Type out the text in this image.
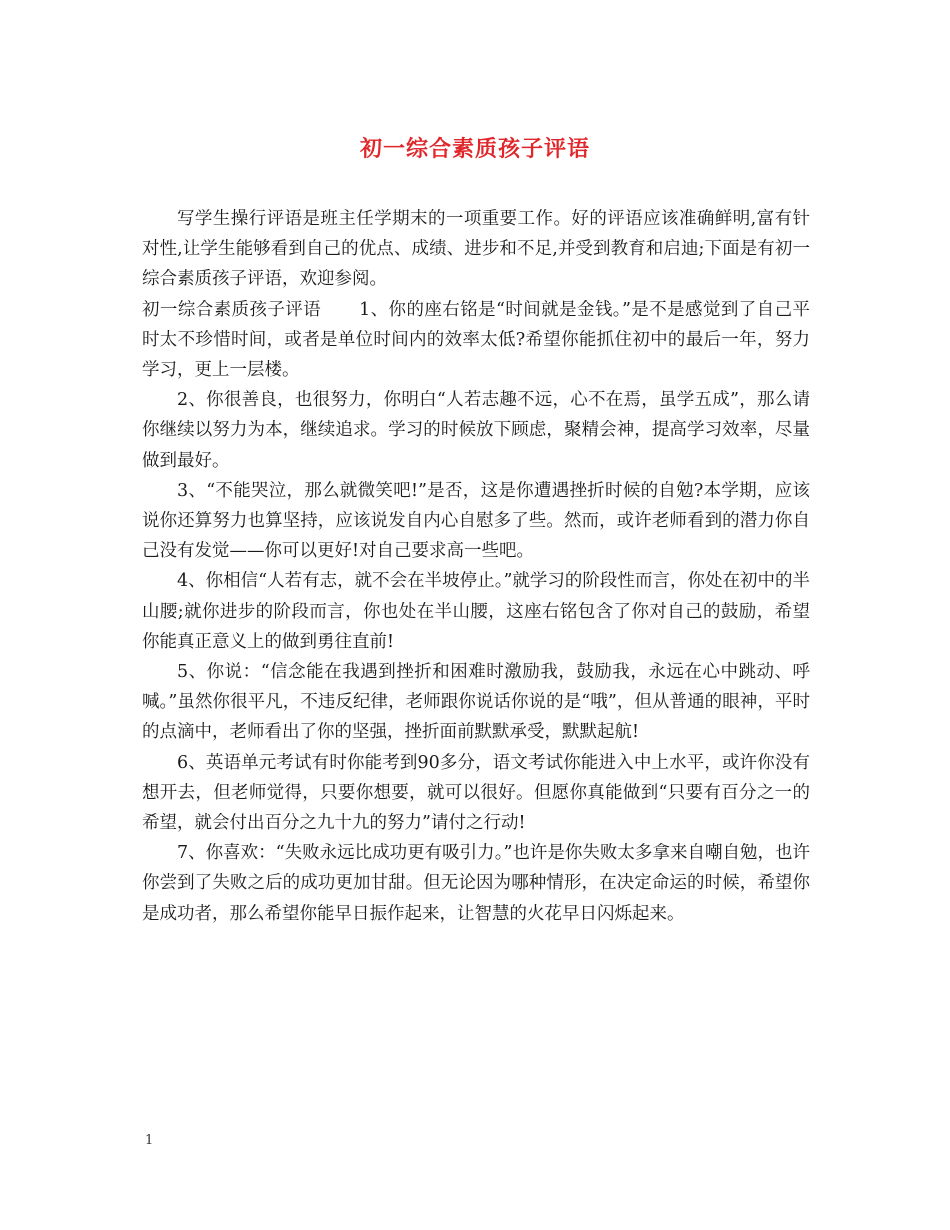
初一综合素质孩子评语

写学生操行评语是班主任学期末的一项重要工作。好的评语应该准确鲜明,富有针对性,让学生能够看到自己的优点、成绩、进步和不足,并受到教育和启迪;下面是有初一综合素质孩子评语，欢迎参阅。

初一综合素质孩子评语 1、你的座右铭是“时间就是金钱。”是不是感觉到了自己平时太不珍惜时间，或者是单位时间内的效率太低?希望你能抓住初中的最后一年，努力学习，更上一层楼。

2、你很善良，也很努力，你明白“人若志趣不远，心不在焉，虽学五成”，那么请你继续以努力为本，继续追求。学习的时候放下顾虑，聚精会神，提高学习效率，尽量做到最好。

3、“不能哭泣，那么就微笑吧!”是否，这是你遭遇挫折时候的自勉?本学期，应该说你还算努力也算坚持，应该说发自内心自慰多了些。然而，或许老师看到的潜力你自己没有发觉——你可以更好!对自己要求高一些吧。

4、你相信“人若有志，就不会在半坡停止。”就学习的阶段性而言，你处在初中的半山腰;就你进步的阶段而言，你也处在半山腰，这座右铭包含了你对自己的鼓励，希望你能真正意义上的做到勇往直前!

5、你说：“信念能在我遇到挫折和困难时激励我，鼓励我，永远在心中跳动、呼喊。”虽然你很平凡，不违反纪律，老师跟你说话你说的是“哦”，但从普通的眼神，平时的点滴中，老师看出了你的坚强，挫折面前默默承受，默默起航!

6、英语单元考试有时你能考到90多分，语文考试你能进入中上水平，或许你没有想开去，但老师觉得，只要你想要，就可以很好。但愿你真能做到“只要有百分之一的希望，就会付出百分之九十九的努力”请付之行动!

7、你喜欢：“失败永远比成功更有吸引力。”也许是你失败太多拿来自嘲自勉，也许你尝到了失败之后的成功更加甘甜。但无论因为哪种情形，在决定命运的时候，希望你是成功者，那么希望你能早日振作起来，让智慧的火花早日闪烁起来。

1
